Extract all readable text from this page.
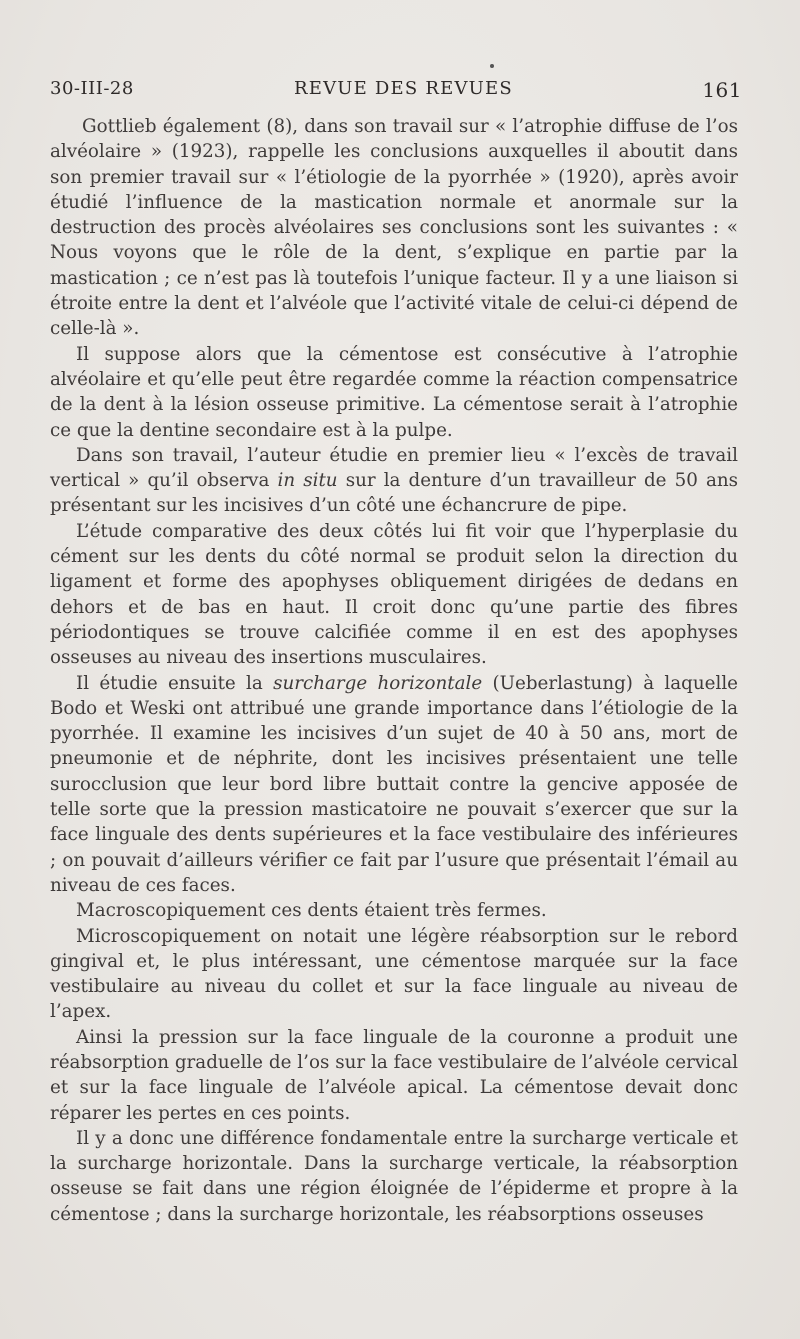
30-III-28	REVUE DES REVUES	161

Gottlieb également (8), dans son travail sur « l’atrophie diffuse de l’os alvéolaire » (1923), rappelle les conclusions auxquelles il aboutit dans son premier travail sur « l’étiologie de la pyorrhée » (1920), après avoir étudié l’influence de la mastication normale et anormale sur la destruction des procès alvéolaires ses conclusions sont les suivantes : « Nous voyons que le rôle de la dent, s’explique en partie par la mastication ; ce n’est pas là toutefois l’unique facteur. Il y a une liaison si étroite entre la dent et l’alvéole que l’activité vitale de celui-ci dépend de celle-là ».

Il suppose alors que la cémentose est consécutive à l’atrophie alvéolaire et qu’elle peut être regardée comme la réaction compensatrice de la dent à la lésion osseuse primitive. La cémentose serait à l’atrophie ce que la dentine secondaire est à la pulpe.

Dans son travail, l’auteur étudie en premier lieu « l’excès de travail vertical » qu’il observa in situ sur la denture d’un travailleur de 50 ans présentant sur les incisives d’un côté une échancrure de pipe.

L’étude comparative des deux côtés lui fit voir que l’hyperplasie du cément sur les dents du côté normal se produit selon la direction du ligament et forme des apophyses obliquement dirigées de dedans en dehors et de bas en haut. Il croit donc qu’une partie des fibres périodontiques se trouve calcifiée comme il en est des apophyses osseuses au niveau des insertions musculaires.

Il étudie ensuite la surcharge horizontale (Ueberlastung) à laquelle Bodo et Weski ont attribué une grande importance dans l’étiologie de la pyorrhée. Il examine les incisives d’un sujet de 40 à 50 ans, mort de pneumonie et de néphrite, dont les incisives présentaient une telle surocclusion que leur bord libre buttait contre la gencive apposée de telle sorte que la pression masticatoire ne pouvait s’exercer que sur la face linguale des dents supérieures et la face vestibulaire des inférieures ; on pouvait d’ailleurs vérifier ce fait par l’usure que présentait l’émail au niveau de ces faces.

Macroscopiquement ces dents étaient très fermes.

Microscopiquement on notait une légère réabsorption sur le rebord gingival et, le plus intéressant, une cémentose marquée sur la face vestibulaire au niveau du collet et sur la face linguale au niveau de l’apex.

Ainsi la pression sur la face linguale de la couronne a produit une réabsorption graduelle de l’os sur la face vestibulaire de l’alvéole cervical et sur la face linguale de l’alvéole apical. La cémentose devait donc réparer les pertes en ces points.

Il y a donc une différence fondamentale entre la surcharge verticale et la surcharge horizontale. Dans la surcharge verticale, la réabsorption osseuse se fait dans une région éloignée de l’épiderme et propre à la cémentose ; dans la surcharge horizontale, les réabsorptions osseuses
